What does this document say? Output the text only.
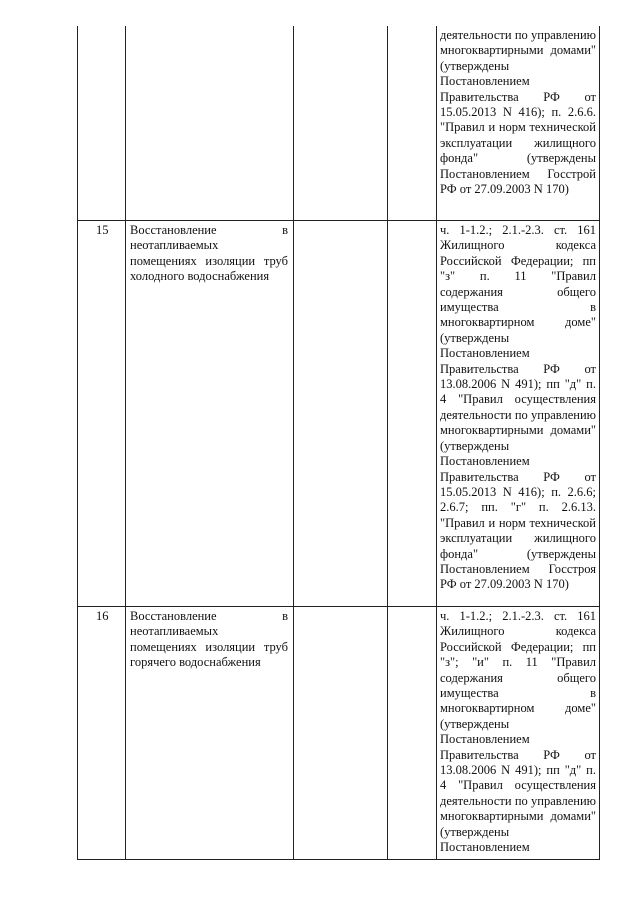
деятельности по управлению многоквартирными домами" (утверждены Постановлением Правительства РФ от 15.05.2013 N 416); п. 2.6.6. "Правил и норм технической эксплуатации жилищного фонда" (утверждены Постановлением Госстрой РФ от 27.09.2003 N 170)
15 Восстановление в неотапливаемых помещениях изоляции труб холодного водоснабжения
ч. 1-1.2.; 2.1.-2.3. ст. 161 Жилищного кодекса Российской Федерации; пп "з" п. 11 "Правил содержания общего имущества в многоквартирном доме" (утверждены Постановлением Правительства РФ от 13.08.2006 N 491); пп "д" п. 4 "Правил осуществления деятельности по управлению многоквартирными домами" (утверждены Постановлением Правительства РФ от 15.05.2013 N 416); п. 2.6.6; 2.6.7; пп. "г" п. 2.6.13. "Правил и норм технической эксплуатации жилищного фонда" (утверждены Постановлением Госстроя РФ от 27.09.2003 N 170)
16 Восстановление в неотапливаемых помещениях изоляции труб горячего водоснабжения
ч. 1-1.2.; 2.1.-2.3. ст. 161 Жилищного кодекса Российской Федерации; пп "з"; "и" п. 11 "Правил содержания общего имущества в многоквартирном доме" (утверждены Постановлением Правительства РФ от 13.08.2006 N 491); пп "д" п. 4 "Правил осуществления деятельности по управлению многоквартирными домами" (утверждены Постановлением
